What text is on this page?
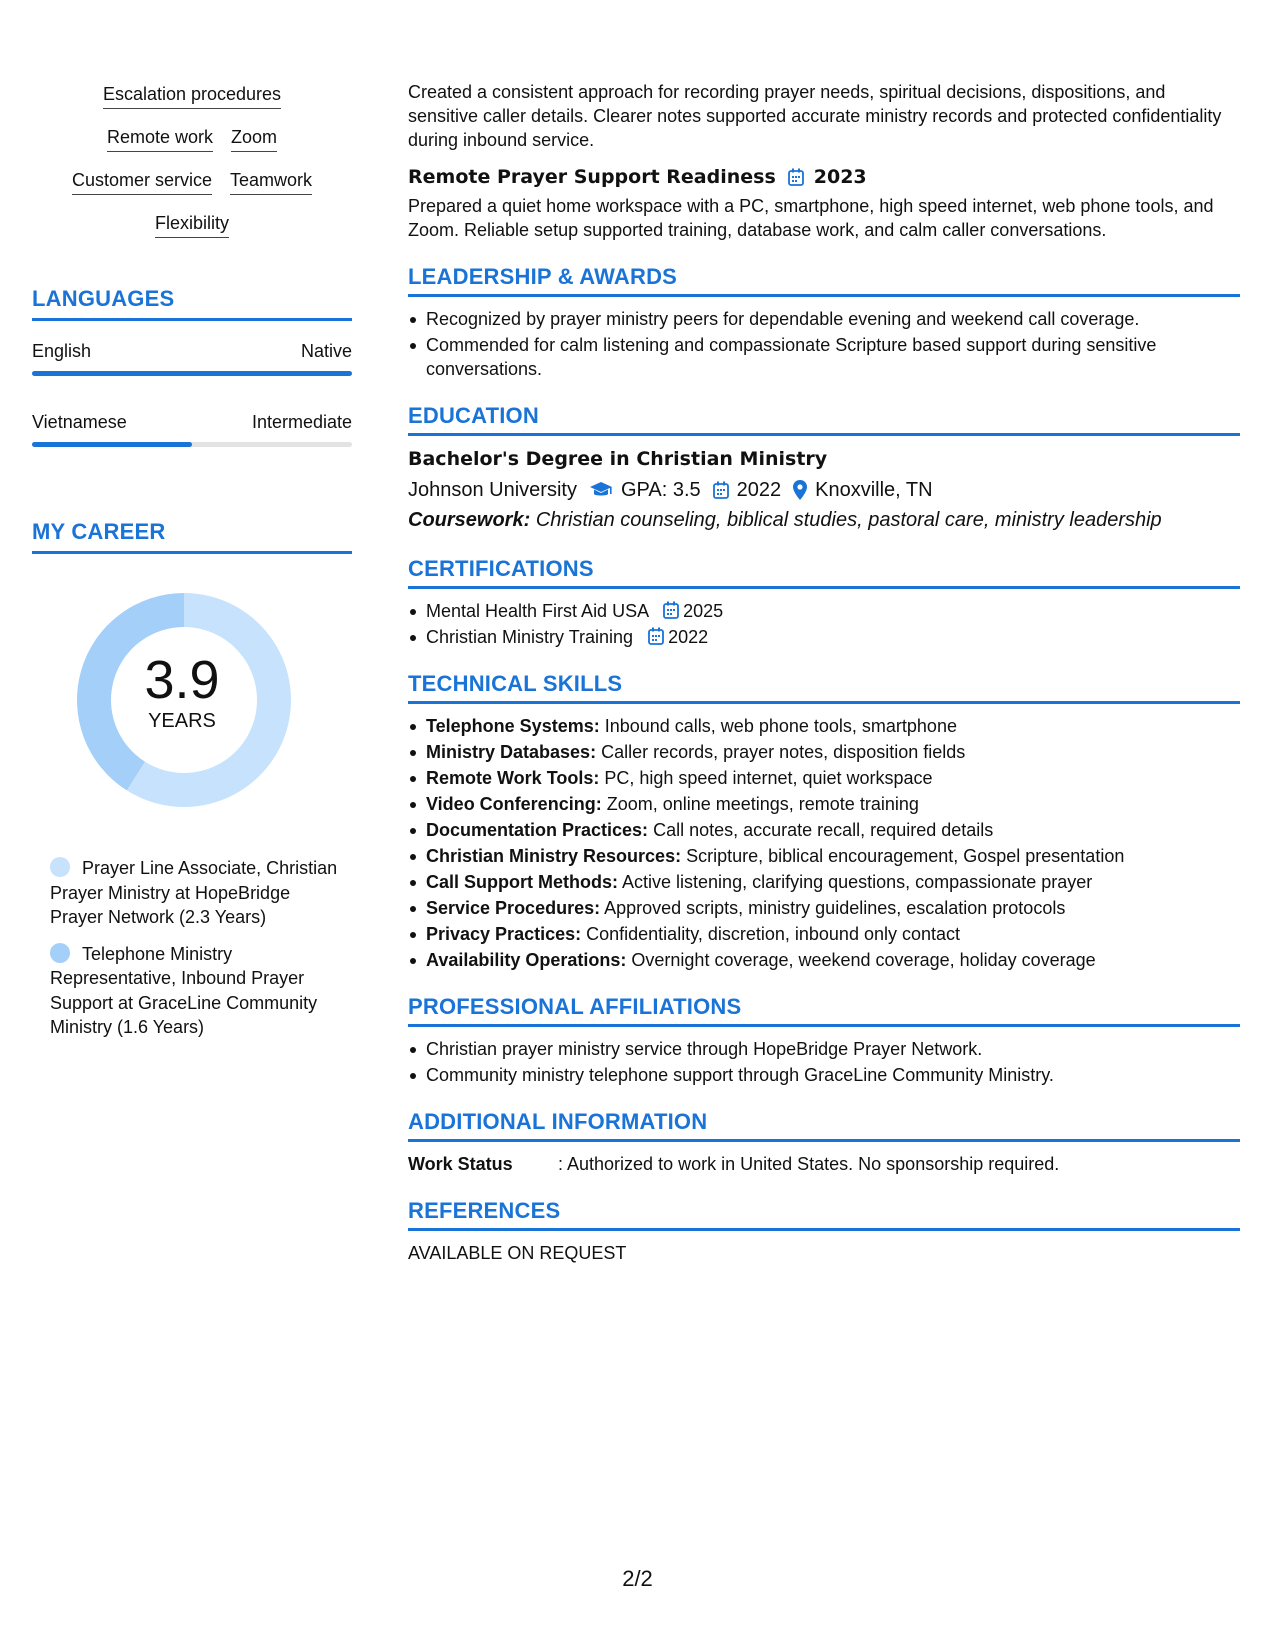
Escalation procedures
Remote work Zoom
Customer service Teamwork
Flexibility
LANGUAGES
English	Native
Vietnamese	Intermediate
MY CAREER
3.9
YEARS
Prayer Line Associate, Christian Prayer Ministry at HopeBridge Prayer Network (2.3 Years)
Telephone Ministry Representative, Inbound Prayer Support at GraceLine Community Ministry (1.6 Years)

Created a consistent approach for recording prayer needs, spiritual decisions, dispositions, and sensitive caller details. Clearer notes supported accurate ministry records and protected confidentiality during inbound service.

Remote Prayer Support Readiness 2023

Prepared a quiet home workspace with a PC, smartphone, high speed internet, web phone tools, and Zoom. Reliable setup supported training, database work, and calm caller conversations.

LEADERSHIP & AWARDS
Recognized by prayer ministry peers for dependable evening and weekend call coverage.
Commended for calm listening and compassionate Scripture based support during sensitive conversations.
EDUCATION
Bachelor's Degree in Christian Ministry
Johnson University GPA: 3.5 2022 Knoxville, TN
Coursework: Christian counseling, biblical studies, pastoral care, ministry leadership
CERTIFICATIONS
Mental Health First Aid USA 2025
Christian Ministry Training 2022
TECHNICAL SKILLS
Telephone Systems: Inbound calls, web phone tools, smartphone
Ministry Databases: Caller records, prayer notes, disposition fields
Remote Work Tools: PC, high speed internet, quiet workspace
Video Conferencing: Zoom, online meetings, remote training
Documentation Practices: Call notes, accurate recall, required details
Christian Ministry Resources: Scripture, biblical encouragement, Gospel presentation
Call Support Methods: Active listening, clarifying questions, compassionate prayer
Service Procedures: Approved scripts, ministry guidelines, escalation protocols
Privacy Practices: Confidentiality, discretion, inbound only contact
Availability Operations: Overnight coverage, weekend coverage, holiday coverage
PROFESSIONAL AFFILIATIONS
Christian prayer ministry service through HopeBridge Prayer Network.
Community ministry telephone support through GraceLine Community Ministry.
ADDITIONAL INFORMATION
Work Status	: Authorized to work in United States. No sponsorship required.
REFERENCES
AVAILABLE ON REQUEST
2/2
